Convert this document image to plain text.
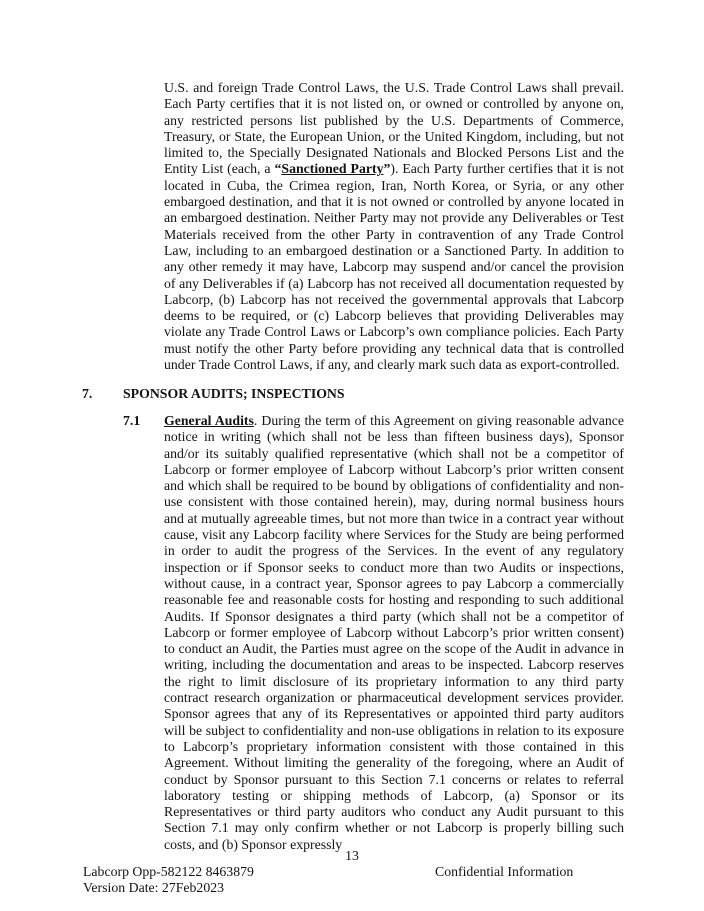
U.S. and foreign Trade Control Laws, the U.S. Trade Control Laws shall prevail. Each Party certifies that it is not listed on, or owned or controlled by anyone on, any restricted persons list published by the U.S. Departments of Commerce, Treasury, or State, the European Union, or the United Kingdom, including, but not limited to, the Specially Designated Nationals and Blocked Persons List and the Entity List (each, a “Sanctioned Party”). Each Party further certifies that it is not located in Cuba, the Crimea region, Iran, North Korea, or Syria, or any other embargoed destination, and that it is not owned or controlled by anyone located in an embargoed destination. Neither Party may not provide any Deliverables or Test Materials received from the other Party in contravention of any Trade Control Law, including to an embargoed destination or a Sanctioned Party. In addition to any other remedy it may have, Labcorp may suspend and/or cancel the provision of any Deliverables if (a) Labcorp has not received all documentation requested by Labcorp, (b) Labcorp has not received the governmental approvals that Labcorp deems to be required, or (c) Labcorp believes that providing Deliverables may violate any Trade Control Laws or Labcorp’s own compliance policies. Each Party must notify the other Party before providing any technical data that is controlled under Trade Control Laws, if any, and clearly mark such data as export-controlled.
7. SPONSOR AUDITS; INSPECTIONS
7.1 General Audits. During the term of this Agreement on giving reasonable advance notice in writing (which shall not be less than fifteen business days), Sponsor and/or its suitably qualified representative (which shall not be a competitor of Labcorp or former employee of Labcorp without Labcorp’s prior written consent and which shall be required to be bound by obligations of confidentiality and non-use consistent with those contained herein), may, during normal business hours and at mutually agreeable times, but not more than twice in a contract year without cause, visit any Labcorp facility where Services for the Study are being performed in order to audit the progress of the Services. In the event of any regulatory inspection or if Sponsor seeks to conduct more than two Audits or inspections, without cause, in a contract year, Sponsor agrees to pay Labcorp a commercially reasonable fee and reasonable costs for hosting and responding to such additional Audits. If Sponsor designates a third party (which shall not be a competitor of Labcorp or former employee of Labcorp without Labcorp’s prior written consent) to conduct an Audit, the Parties must agree on the scope of the Audit in advance in writing, including the documentation and areas to be inspected. Labcorp reserves the right to limit disclosure of its proprietary information to any third party contract research organization or pharmaceutical development services provider. Sponsor agrees that any of its Representatives or appointed third party auditors will be subject to confidentiality and non-use obligations in relation to its exposure to Labcorp’s proprietary information consistent with those contained in this Agreement. Without limiting the generality of the foregoing, where an Audit of conduct by Sponsor pursuant to this Section 7.1 concerns or relates to referral laboratory testing or shipping methods of Labcorp, (a) Sponsor or its Representatives or third party auditors who conduct any Audit pursuant to this Section 7.1 may only confirm whether or not Labcorp is properly billing such costs, and (b) Sponsor expressly
13
Labcorp Opp-582122 8463879
Version Date: 27Feb2023
Confidential Information
